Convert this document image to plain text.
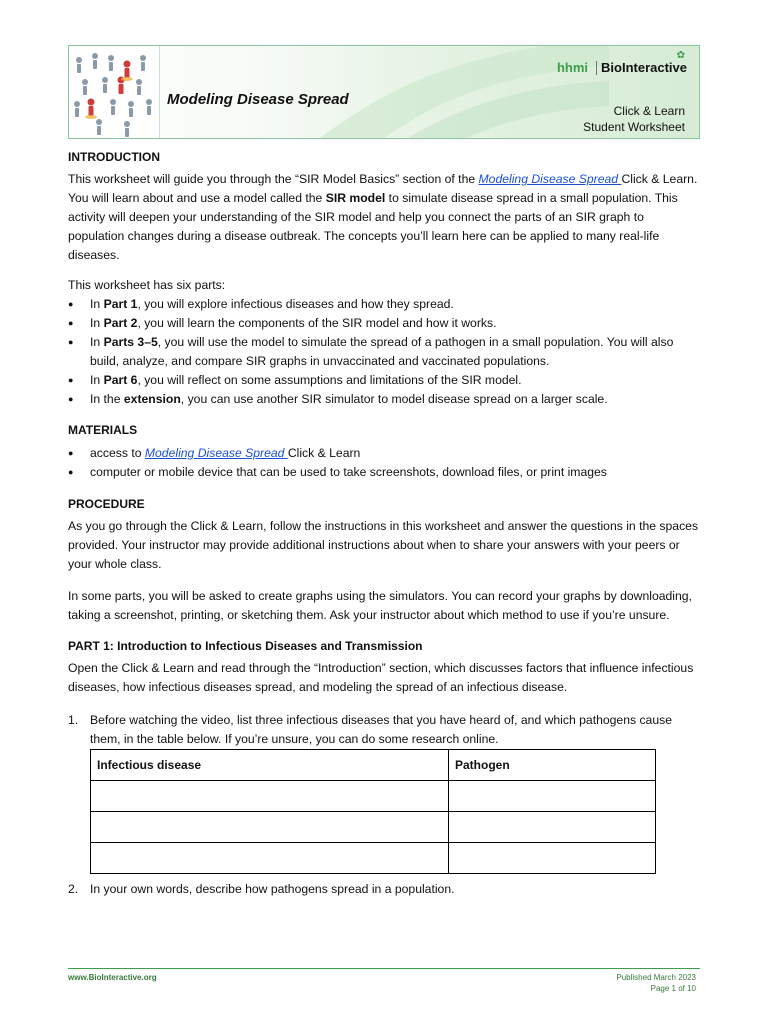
Modeling Disease Spread
✿
hhmi BioInteractive
Click & Learn
Student Worksheet

INTRODUCTION

This worksheet will guide you through the “SIR Model Basics” section of the Modeling Disease Spread Click & Learn. You will learn about and use a model called the SIR model to simulate disease spread in a small population. This activity will deepen your understanding of the SIR model and help you connect the parts of an SIR graph to population changes during a disease outbreak. The concepts you’ll learn here can be applied to many real-life diseases.

This worksheet has six parts:

● In Part 1, you will explore infectious diseases and how they spread.
● In Part 2, you will learn the components of the SIR model and how it works.
● In Parts 3–5, you will use the model to simulate the spread of a pathogen in a small population. You will also build, analyze, and compare SIR graphs in unvaccinated and vaccinated populations.
● In Part 6, you will reflect on some assumptions and limitations of the SIR model.
● In the extension, you can use another SIR simulator to model disease spread on a larger scale.

MATERIALS

● access to Modeling Disease Spread Click & Learn
● computer or mobile device that can be used to take screenshots, download files, or print images

PROCEDURE

As you go through the Click & Learn, follow the instructions in this worksheet and answer the questions in the spaces provided. Your instructor may provide additional instructions about when to share your answers with your peers or your whole class.

In some parts, you will be asked to create graphs using the simulators. You can record your graphs by downloading, taking a screenshot, printing, or sketching them. Ask your instructor about which method to use if you’re unsure.

PART 1: Introduction to Infectious Diseases and Transmission

Open the Click & Learn and read through the “Introduction” section, which discusses factors that influence infectious diseases, how infectious diseases spread, and modeling the spread of an infectious disease.

1. Before watching the video, list three infectious diseases that you have heard of, and which pathogens cause them, in the table below. If you’re unsure, you can do some research online.
Infectious disease	Pathogen

2. In your own words, describe how pathogens spread in a population.
www.BioInteractive.org	Published March 2023
Page 1 of 10
